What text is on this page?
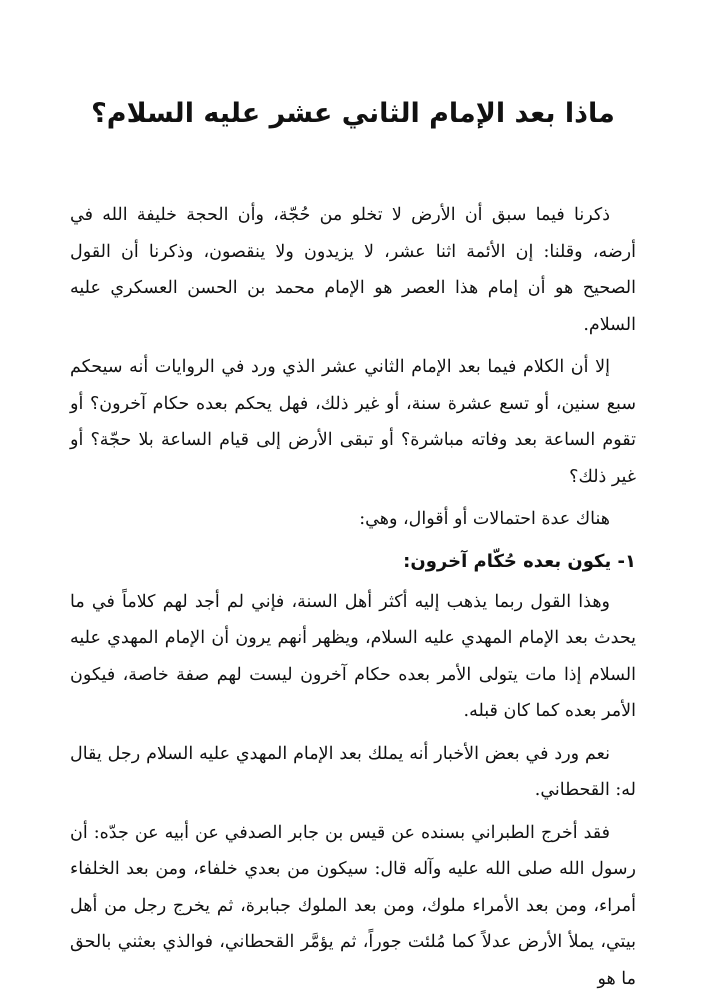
ماذا بعد الإمام الثاني عشر عليه السلام؟

ذكرنا فيما سبق أن الأرض لا تخلو من حُجّة، وأن الحجة خليفة الله في أرضه، وقلنا: إن الأئمة اثنا عشر، لا يزيدون ولا ينقصون، وذكرنا أن القول الصحيح هو أن إمام هذا العصر هو الإمام محمد بن الحسن العسكري عليه السلام.

إلا أن الكلام فيما بعد الإمام الثاني عشر الذي ورد في الروايات أنه سيحكم سبع سنين، أو تسع عشرة سنة، أو غير ذلك، فهل يحكم بعده حكام آخرون؟ أو تقوم الساعة بعد وفاته مباشرة؟ أو تبقى الأرض إلى قيام الساعة بلا حجّة؟ أو غير ذلك؟

هناك عدة احتمالات أو أقوال، وهي:

١- يكون بعده حُكّام آخرون:

وهذا القول ربما يذهب إليه أكثر أهل السنة، فإني لم أجد لهم كلاماً في ما يحدث بعد الإمام المهدي عليه السلام، ويظهر أنهم يرون أن الإمام المهدي عليه السلام إذا مات يتولى الأمر بعده حكام آخرون ليست لهم صفة خاصة، فيكون الأمر بعده كما كان قبله.

نعم ورد في بعض الأخبار أنه يملك بعد الإمام المهدي عليه السلام رجل يقال له: القحطاني.

فقد أخرج الطبراني بسنده عن قيس بن جابر الصدفي عن أبيه عن جدّه: أن رسول الله صلى الله عليه وآله قال: سيكون من بعدي خلفاء، ومن بعد الخلفاء أمراء، ومن بعد الأمراء ملوك، ومن بعد الملوك جبابرة، ثم يخرج رجل من أهل بيتي، يملأ الأرض عدلاً كما مُلئت جوراً، ثم يؤمَّر القحطاني، فوالذي بعثني بالحق ما هو
